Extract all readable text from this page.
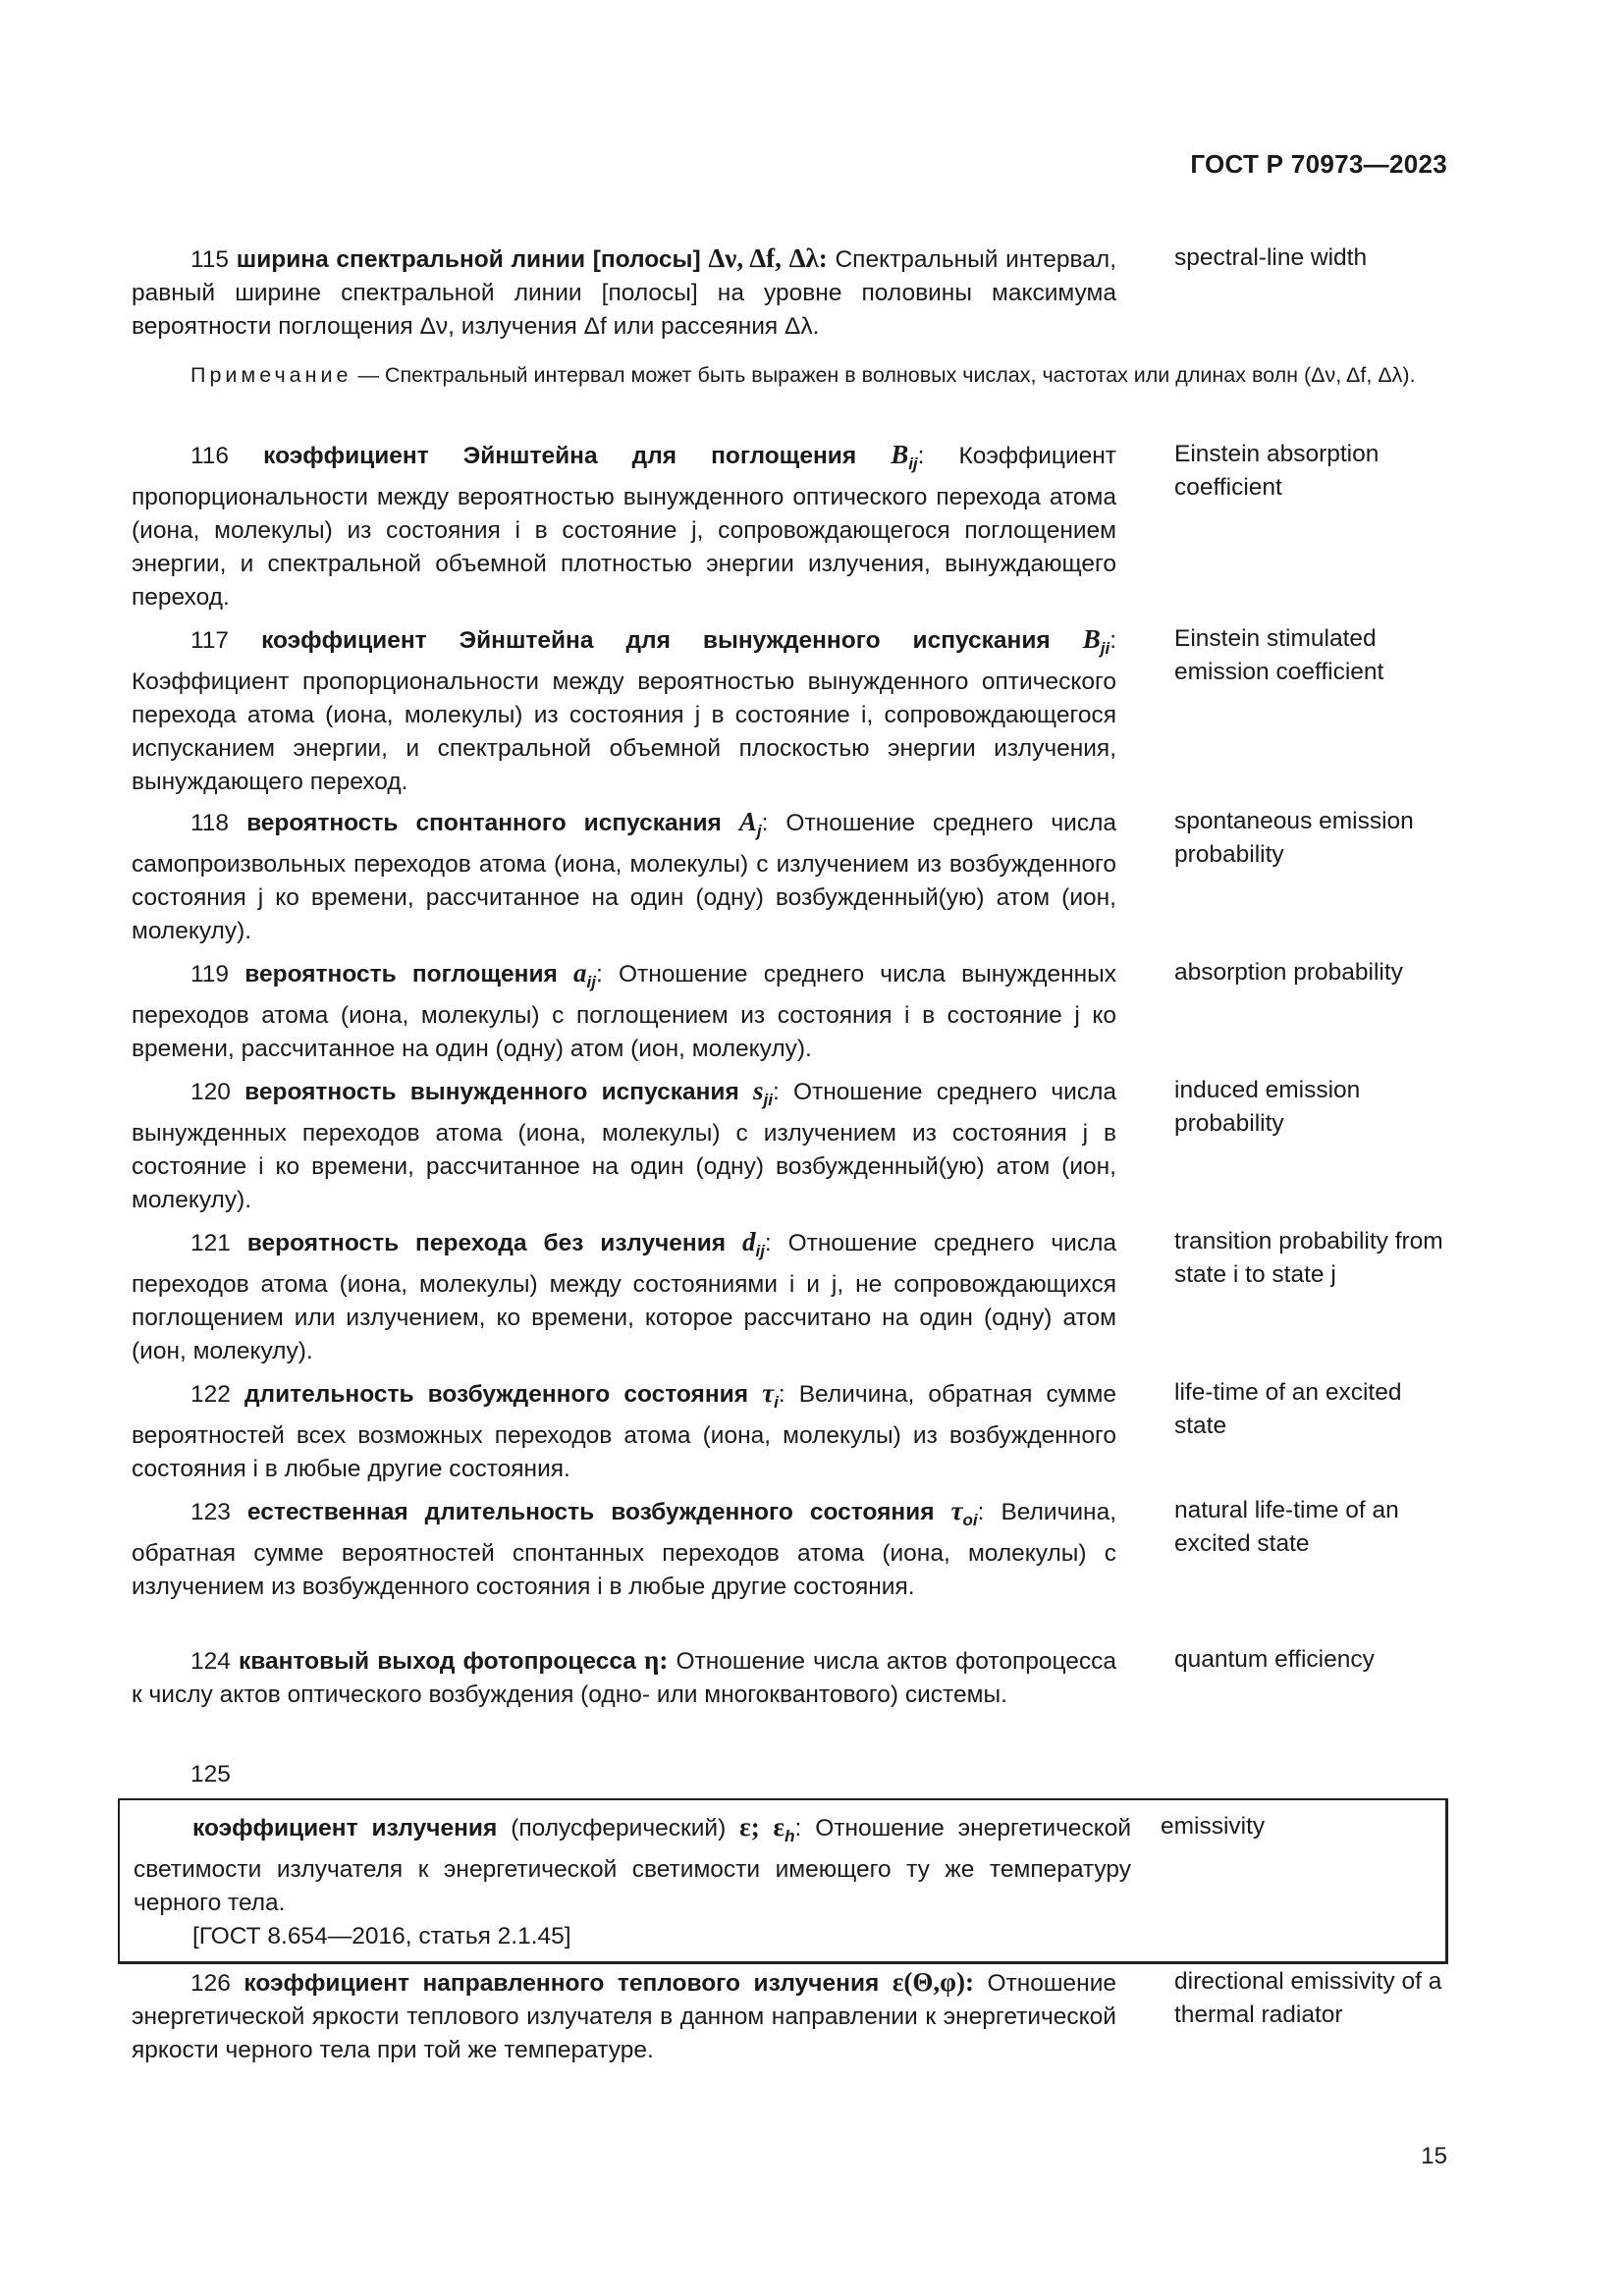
ГОСТ Р 70973—2023
115 ширина спектральной линии [полосы] Δν, Δf, Δλ: Спектральный интервал, равный ширине спектральной линии [полосы] на уровне половины максимума вероятности поглощения Δν, излучения Δf или рассеяния Δλ.
spectral-line width
Примечание — Спектральный интервал может быть выражен в волновых числах, частотах или длинах волн (Δν, Δf, Δλ).
116 коэффициент Эйнштейна для поглощения $B_{ij}$: Коэффициент пропорциональности между вероятностью вынужденного оптического перехода атома (иона, молекулы) из состояния i в состояние j, сопровождающегося поглощением энергии, и спектральной объемной плотностью энергии излучения, вынуждающего переход.
Einstein absorption coefficient
117 коэффициент Эйнштейна для вынужденного испускания $B_{ji}$: Коэффициент пропорциональности между вероятностью вынужденного оптического перехода атома (иона, молекулы) из состояния j в состояние i, сопровождающегося испусканием энергии, и спектральной объемной плоскостью энергии излучения, вынуждающего переход.
Einstein stimulated emission coefficient
118 вероятность спонтанного испускания $A_j$: Отношение среднего числа самопроизвольных переходов атома (иона, молекулы) с излучением из возбужденного состояния j ко времени, рассчитанное на один (одну) возбужденный(ую) атом (ион, молекулу).
spontaneous emission probability
119 вероятность поглощения $a_{ij}$: Отношение среднего числа вынужденных переходов атома (иона, молекулы) с поглощением из состояния i в состояние j ко времени, рассчитанное на один (одну) атом (ион, молекулу).
absorption probability
120 вероятность вынужденного испускания $s_{ji}$: Отношение среднего числа вынужденных переходов атома (иона, молекулы) с излучением из состояния j в состояние i ко времени, рассчитанное на один (одну) возбужденный(ую) атом (ион, молекулу).
induced emission probability
121 вероятность перехода без излучения $d_{ij}$: Отношение среднего числа переходов атома (иона, молекулы) между состояниями i и j, не сопровождающихся поглощением или излучением, ко времени, которое рассчитано на один (одну) атом (ион, молекулу).
transition probability from state i to state j
122 длительность возбужденного состояния $\tau_i$: Величина, обратная сумме вероятностей всех возможных переходов атома (иона, молекулы) из возбужденного состояния i в любые другие состояния.
life-time of an excited state
123 естественная длительность возбужденного состояния $\tau_{oi}$: Величина, обратная сумме вероятностей спонтанных переходов атома (иона, молекулы) с излучением из возбужденного состояния i в любые другие состояния.
natural life-time of an excited state
124 квантовый выход фотопроцесса η: Отношение числа актов фотопроцесса к числу актов оптического возбуждения (одно- или многоквантового) системы.
quantum efficiency
125
коэффициент излучения (полусферический) ε; $\varepsilon_h$: Отношение энергетической светимости излучателя к энергетической светимости имеющего ту же температуру черного тела.
[ГОСТ 8.654—2016, статья 2.1.45]
emissivity
126 коэффициент направленного теплового излучения ε(Θ,φ): Отношение энергетической яркости теплового излучателя в данном направлении к энергетической яркости черного тела при той же температуре.
directional emissivity of a thermal radiator
15
